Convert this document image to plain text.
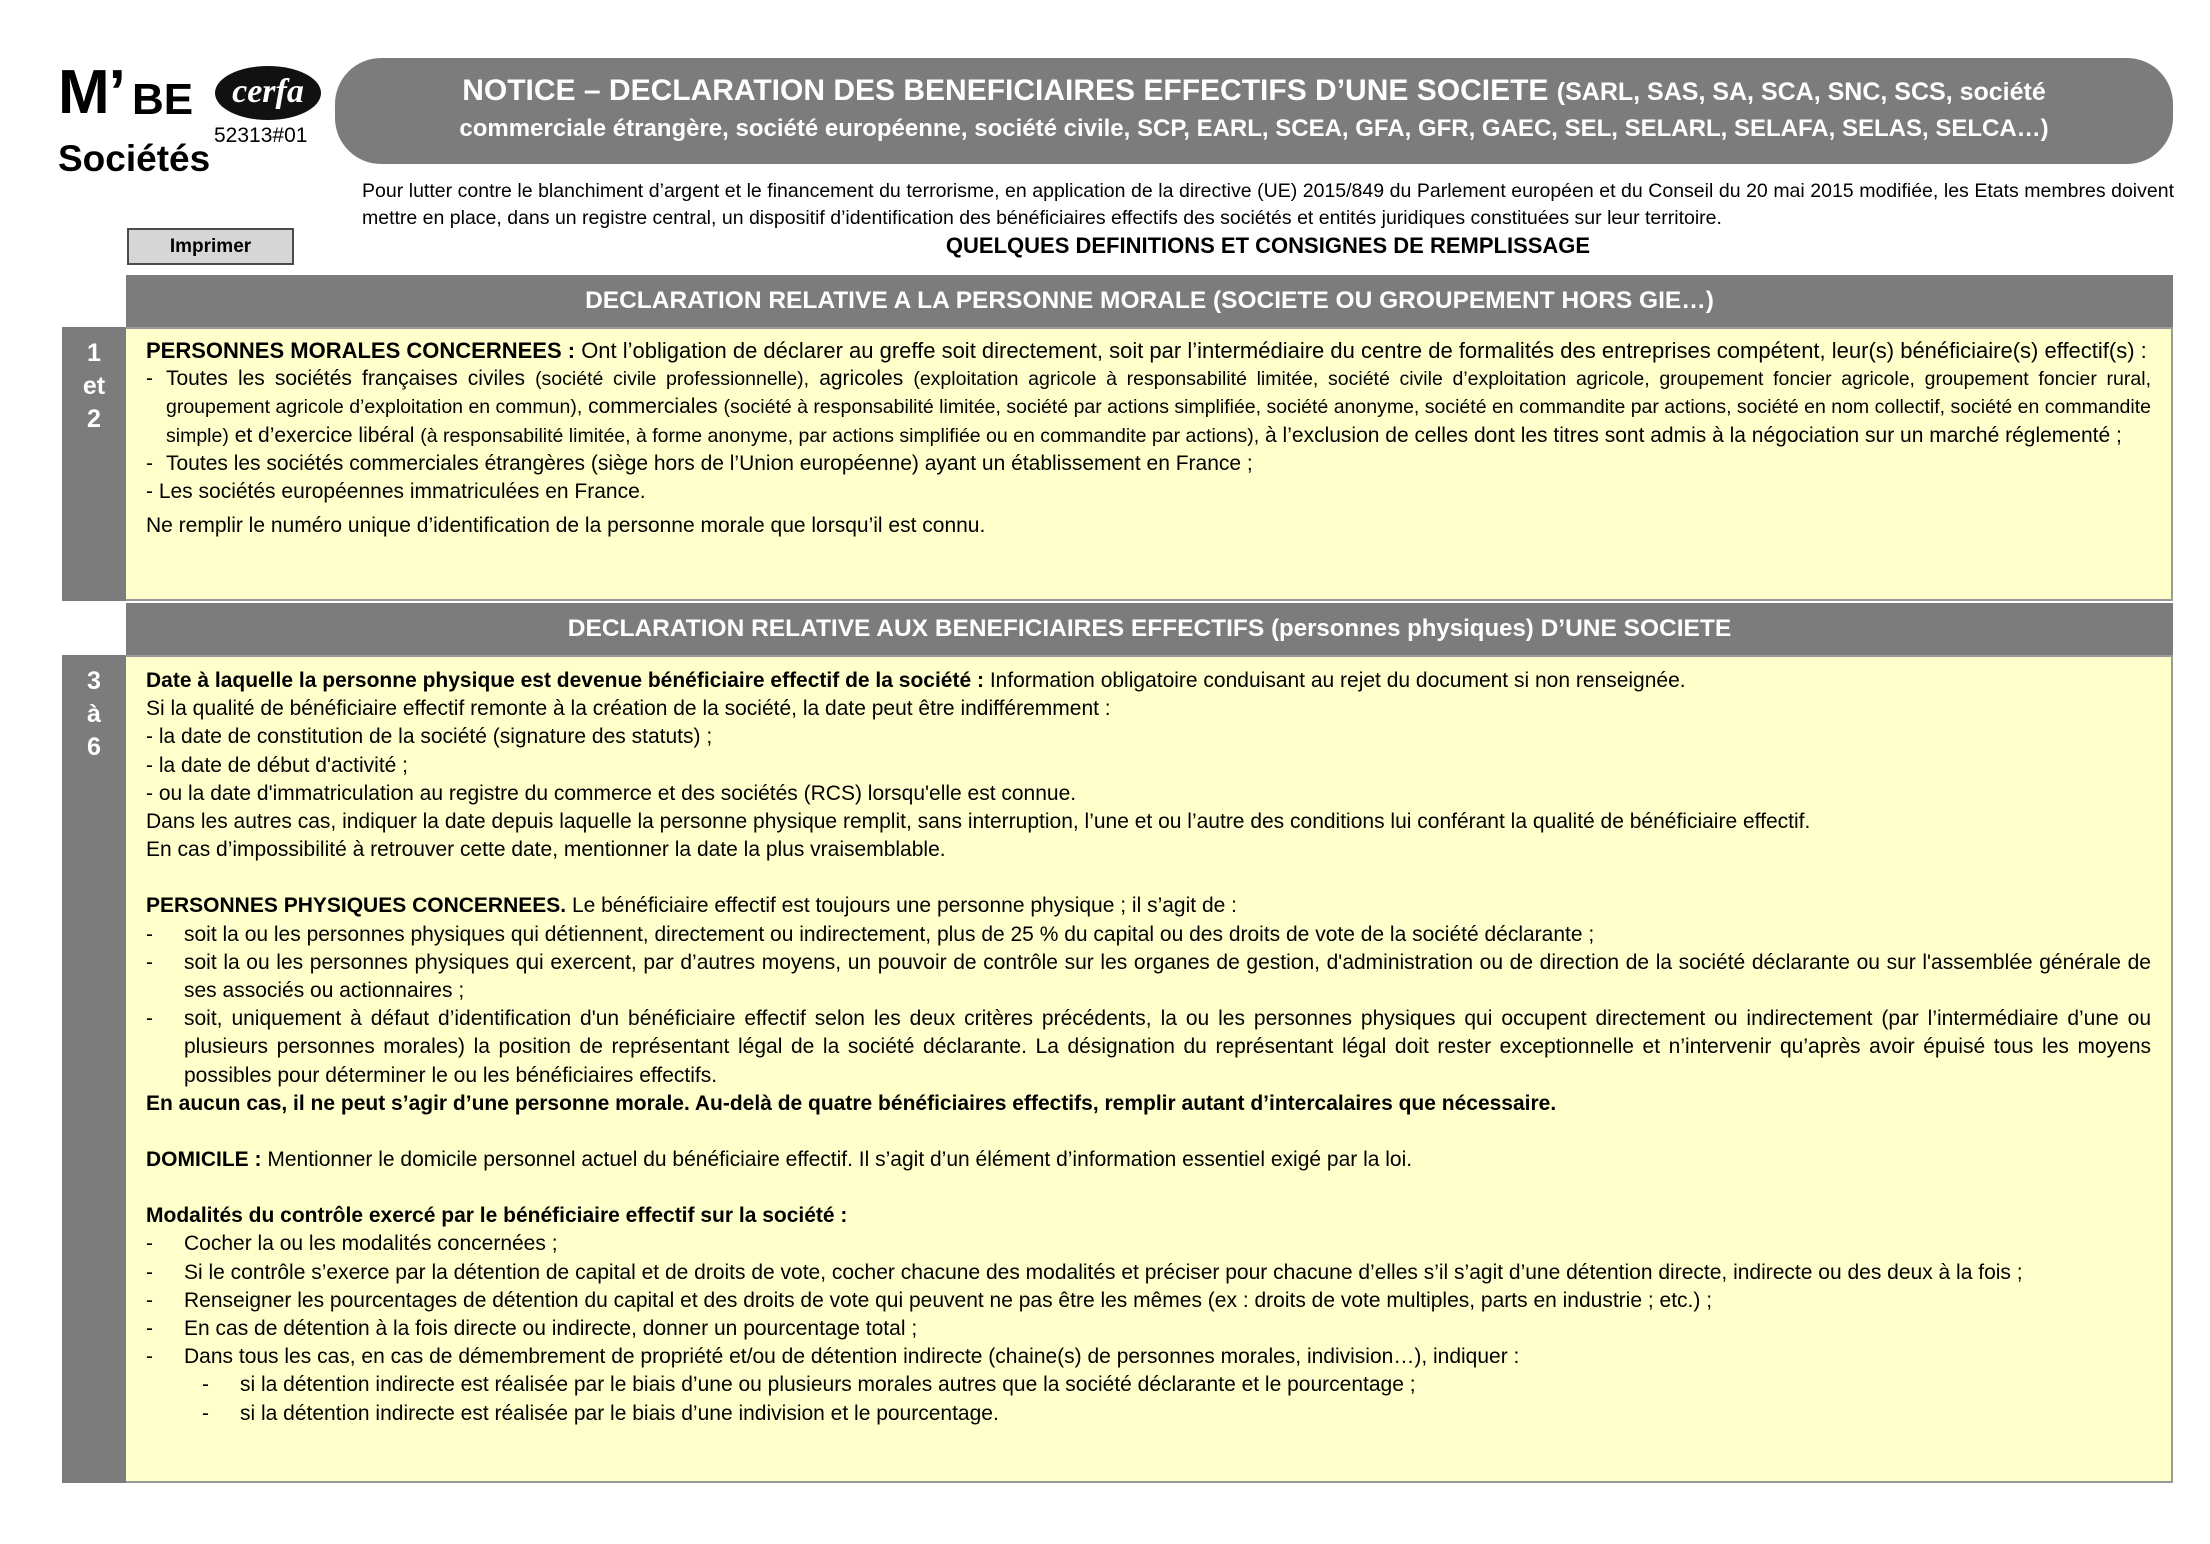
M’ BE
Sociétés
cerfa
52313#01
NOTICE – DECLARATION DES BENEFICIAIRES EFFECTIFS D’UNE SOCIETE (SARL, SAS, SA, SCA, SNC, SCS, société
commerciale étrangère, société européenne, société civile, SCP, EARL, SCEA, GFA, GFR, GAEC, SEL, SELARL, SELAFA, SELAS, SELCA…)
Pour lutter contre le blanchiment d’argent et le financement du terrorisme, en application de la directive (UE) 2015/849 du Parlement européen et du Conseil du 20 mai 2015 modifiée, les Etats membres doivent mettre en place, dans un registre central, un dispositif d’identification des bénéficiaires effectifs des sociétés et entités juridiques constituées sur leur territoire.
Imprimer	QUELQUES DEFINITIONS ET CONSIGNES DE REMPLISSAGE
DECLARATION RELATIVE A LA PERSONNE MORALE (SOCIETE OU GROUPEMENT HORS GIE…)
1
et
2

PERSONNES MORALES CONCERNEES : Ont l’obligation de déclarer au greffe soit directement, soit par l’intermédiaire du centre de formalités des entreprises compétent, leur(s) bénéficiaire(s) effectif(s) :

- Toutes les sociétés françaises civiles (société civile professionnelle), agricoles (exploitation agricole à responsabilité limitée, société civile d’exploitation agricole, groupement foncier agricole, groupement foncier rural, groupement agricole d’exploitation en commun), commerciales (société à responsabilité limitée, société par actions simplifiée, société anonyme, société en commandite par actions, société en nom collectif, société en commandite simple) et d’exercice libéral (à responsabilité limitée, à forme anonyme, par actions simplifiée ou en commandite par actions), à l’exclusion de celles dont les titres sont admis à la négociation sur un marché réglementé ;
- Toutes les sociétés commerciales étrangères (siège hors de l’Union européenne) ayant un établissement en France ;

- Les sociétés européennes immatriculées en France.

Ne remplir le numéro unique d’identification de la personne morale que lorsqu’il est connu.

DECLARATION RELATIVE AUX BENEFICIAIRES EFFECTIFS (personnes physiques) D’UNE SOCIETE
3
à
6

Date à laquelle la personne physique est devenue bénéficiaire effectif de la société : Information obligatoire conduisant au rejet du document si non renseignée.

Si la qualité de bénéficiaire effectif remonte à la création de la société, la date peut être indifféremment :

- la date de constitution de la société (signature des statuts) ;

- la date de début d'activité ;

- ou la date d'immatriculation au registre du commerce et des sociétés (RCS) lorsqu'elle est connue.

Dans les autres cas, indiquer la date depuis laquelle la personne physique remplit, sans interruption, l’une et ou l’autre des conditions lui conférant la qualité de bénéficiaire effectif.

En cas d’impossibilité à retrouver cette date, mentionner la date la plus vraisemblable.

PERSONNES PHYSIQUES CONCERNEES. Le bénéficiaire effectif est toujours une personne physique ; il s’agit de :

-	soit la ou les personnes physiques qui détiennent, directement ou indirectement, plus de 25 % du capital ou des droits de vote de la société déclarante ;
-	soit la ou les personnes physiques qui exercent, par d’autres moyens, un pouvoir de contrôle sur les organes de gestion, d'administration ou de direction de la société déclarante ou sur l'assemblée générale de ses associés ou actionnaires ;
-	soit, uniquement à défaut d’identification d'un bénéficiaire effectif selon les deux critères précédents, la ou les personnes physiques qui occupent directement ou indirectement (par l’intermédiaire d’une ou plusieurs personnes morales) la position de représentant légal de la société déclarante. La désignation du représentant légal doit rester exceptionnelle et n’intervenir qu’après avoir épuisé tous les moyens possibles pour déterminer le ou les bénéficiaires effectifs.

En aucun cas, il ne peut s’agir d’une personne morale. Au-delà de quatre bénéficiaires effectifs, remplir autant d’intercalaires que nécessaire.

DOMICILE : Mentionner le domicile personnel actuel du bénéficiaire effectif. Il s’agit d’un élément d’information essentiel exigé par la loi.

Modalités du contrôle exercé par le bénéficiaire effectif sur la société :

-	Cocher la ou les modalités concernées ;
-	Si le contrôle s’exerce par la détention de capital et de droits de vote, cocher chacune des modalités et préciser pour chacune d’elles s’il s’agit d’une détention directe, indirecte ou des deux à la fois ;
-	Renseigner les pourcentages de détention du capital et des droits de vote qui peuvent ne pas être les mêmes (ex : droits de vote multiples, parts en industrie ; etc.) ;
-	En cas de détention à la fois directe ou indirecte, donner un pourcentage total ;
-	Dans tous les cas, en cas de démembrement de propriété et/ou de détention indirecte (chaine(s) de personnes morales, indivision…), indiquer :
-	si la détention indirecte est réalisée par le biais d’une ou plusieurs morales autres que la société déclarante et le pourcentage ;
-	si la détention indirecte est réalisée par le biais d’une indivision et le pourcentage.
